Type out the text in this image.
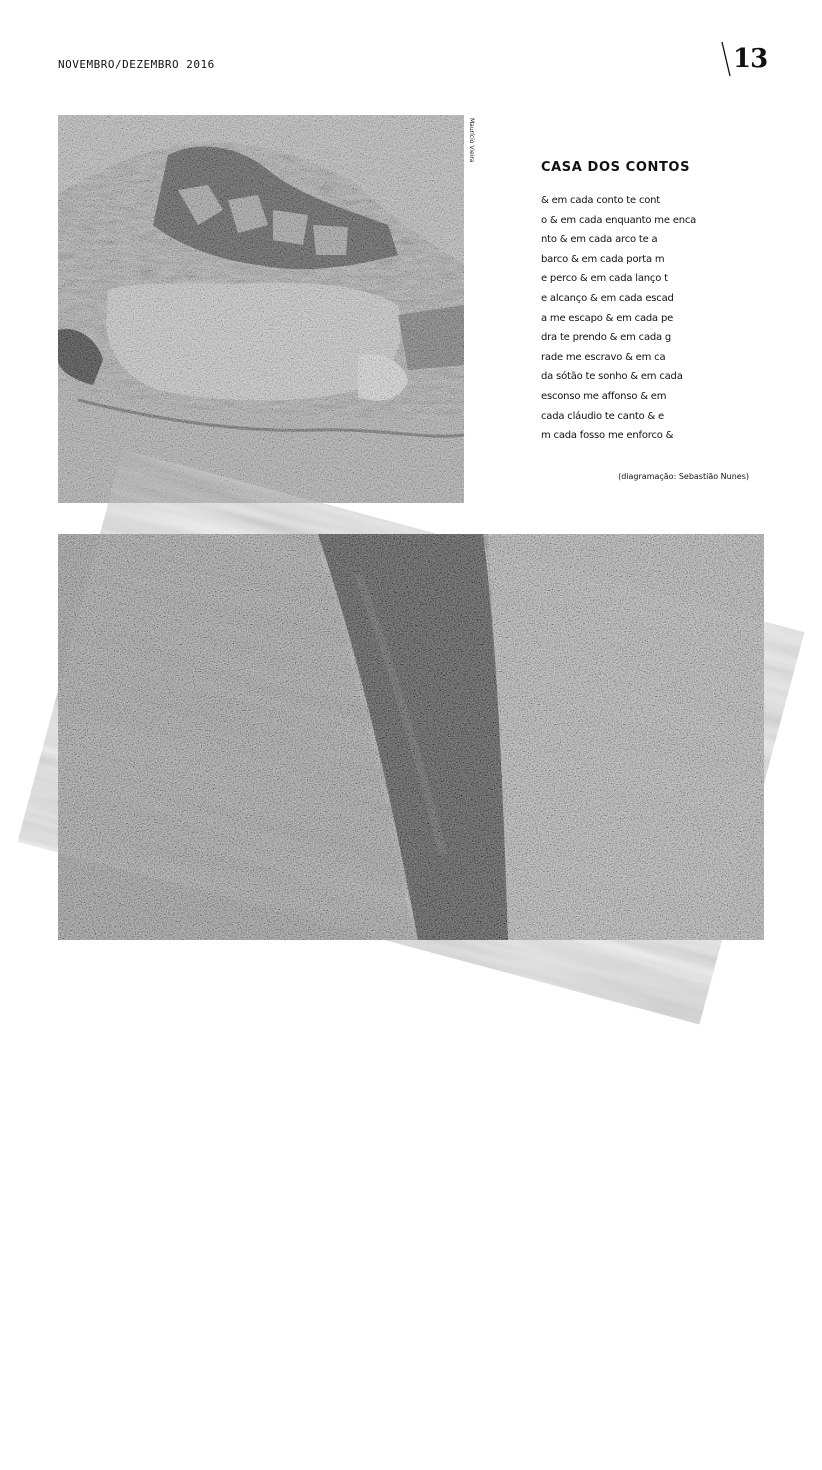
NOVEMBRO/DEZEMBRO 2016	13
Maurício Vieira
CASA DOS CONTOS
& em cada conto te cont
o & em cada enquanto me enca
nto & em cada arco te a
barco & em cada porta m
e perco & em cada lanço t
e alcanço & em cada escad
a me escapo & em cada pe
dra te prendo & em cada g
rade me escravo & em ca
da sótão te sonho & em cada
esconso me affonso & em
cada cláudio te canto & e
m cada fosso me enforco &
(diagramação: Sebastião Nunes)
Maurício Vieira
